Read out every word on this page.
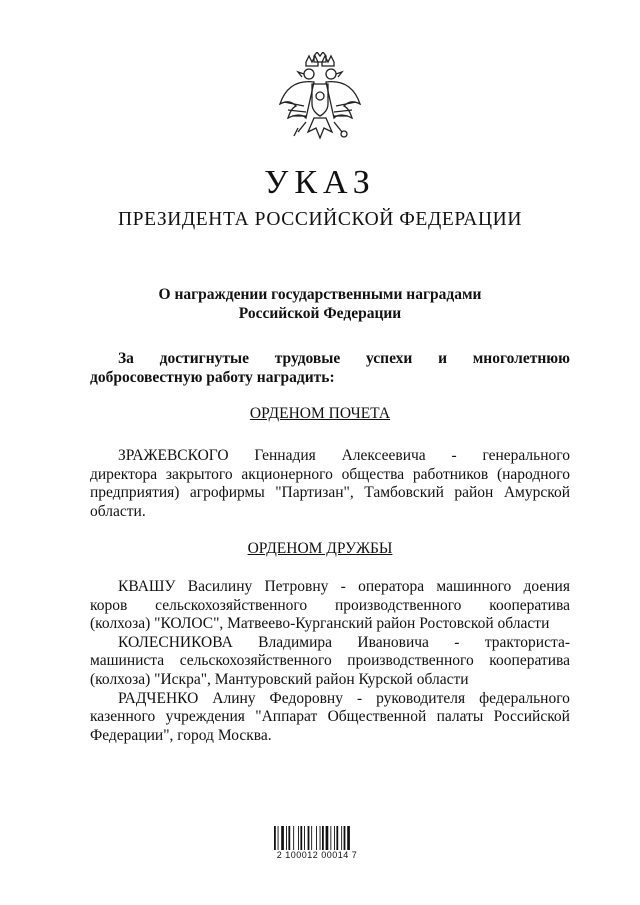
УКАЗ
ПРЕЗИДЕНТА РОССИЙСКОЙ ФЕДЕРАЦИИ
О награждении государственными наградами
Российской Федерации
За достигнутые трудовые успехи и многолетнюю
добросовестную работу наградить:
ОРДЕНОМ ПОЧЕТА
ЗРАЖЕВСКОГО Геннадия Алексеевича - генерального
директора закрытого акционерного общества работников (народного
предприятия) агрофирмы "Партизан", Тамбовский район Амурской
области.
ОРДЕНОМ ДРУЖБЫ
КВАШУ Василину Петровну - оператора машинного доения
коров сельскохозяйственного производственного кооператива
(колхоза) "КОЛОС", Матвеево-Курганский район Ростовской области
КОЛЕСНИКОВА Владимира Ивановича - тракториста-
машиниста сельскохозяйственного производственного кооператива
(колхоза) "Искра", Мантуровский район Курской области
РАДЧЕНКО Алину Федоровну - руководителя федерального
казенного учреждения "Аппарат Общественной палаты Российской
Федерации", город Москва.
2 100012 00014 7
